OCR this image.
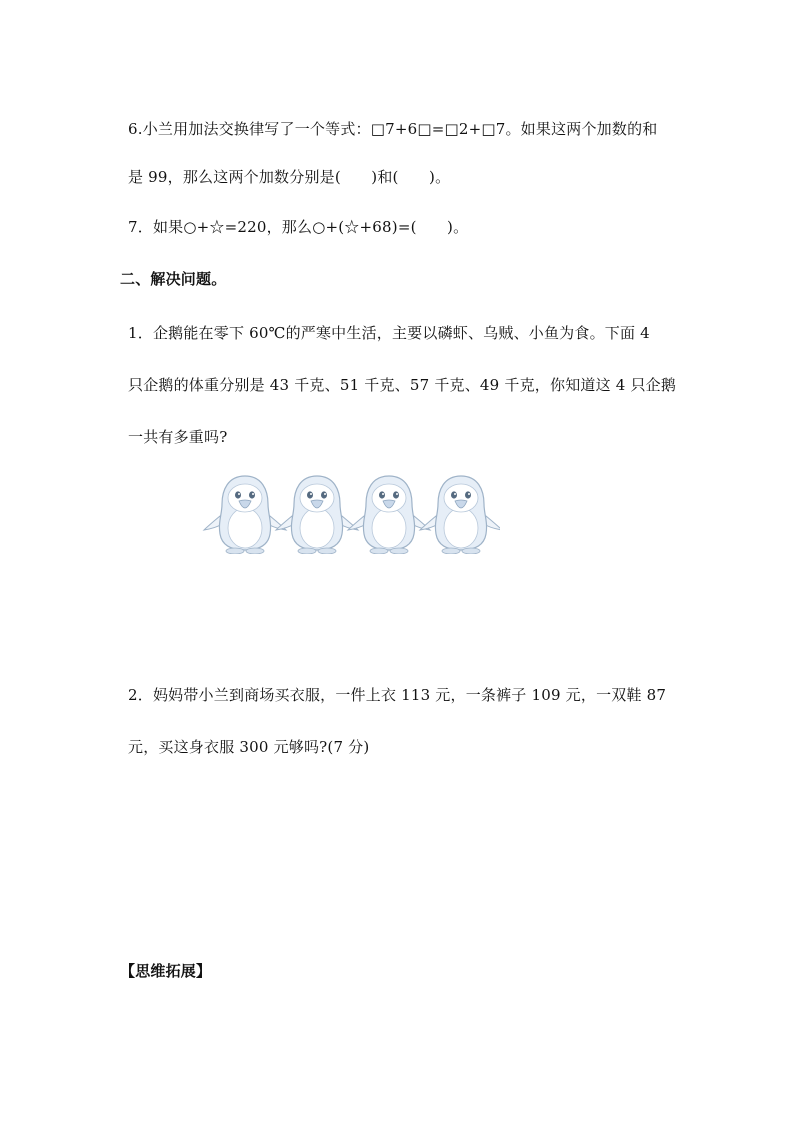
6.小兰用加法交换律写了一个等式：□7+6□=□2+□7。如果这两个加数的和
是 99，那么这两个加数分别是(　　)和(　　)。
7．如果○+☆=220，那么○+(☆+68)=(　　)。
二、解决问题。
1．企鹅能在零下 60℃的严寒中生活，主要以磷虾、乌贼、小鱼为食。下面 4
只企鹅的体重分别是 43 千克、51 千克、57 千克、49 千克，你知道这 4 只企鹅
一共有多重吗?
2．妈妈带小兰到商场买衣服，一件上衣 113 元，一条裤子 109 元，一双鞋 87
元，买这身衣服 300 元够吗?(7 分)
【思维拓展】
